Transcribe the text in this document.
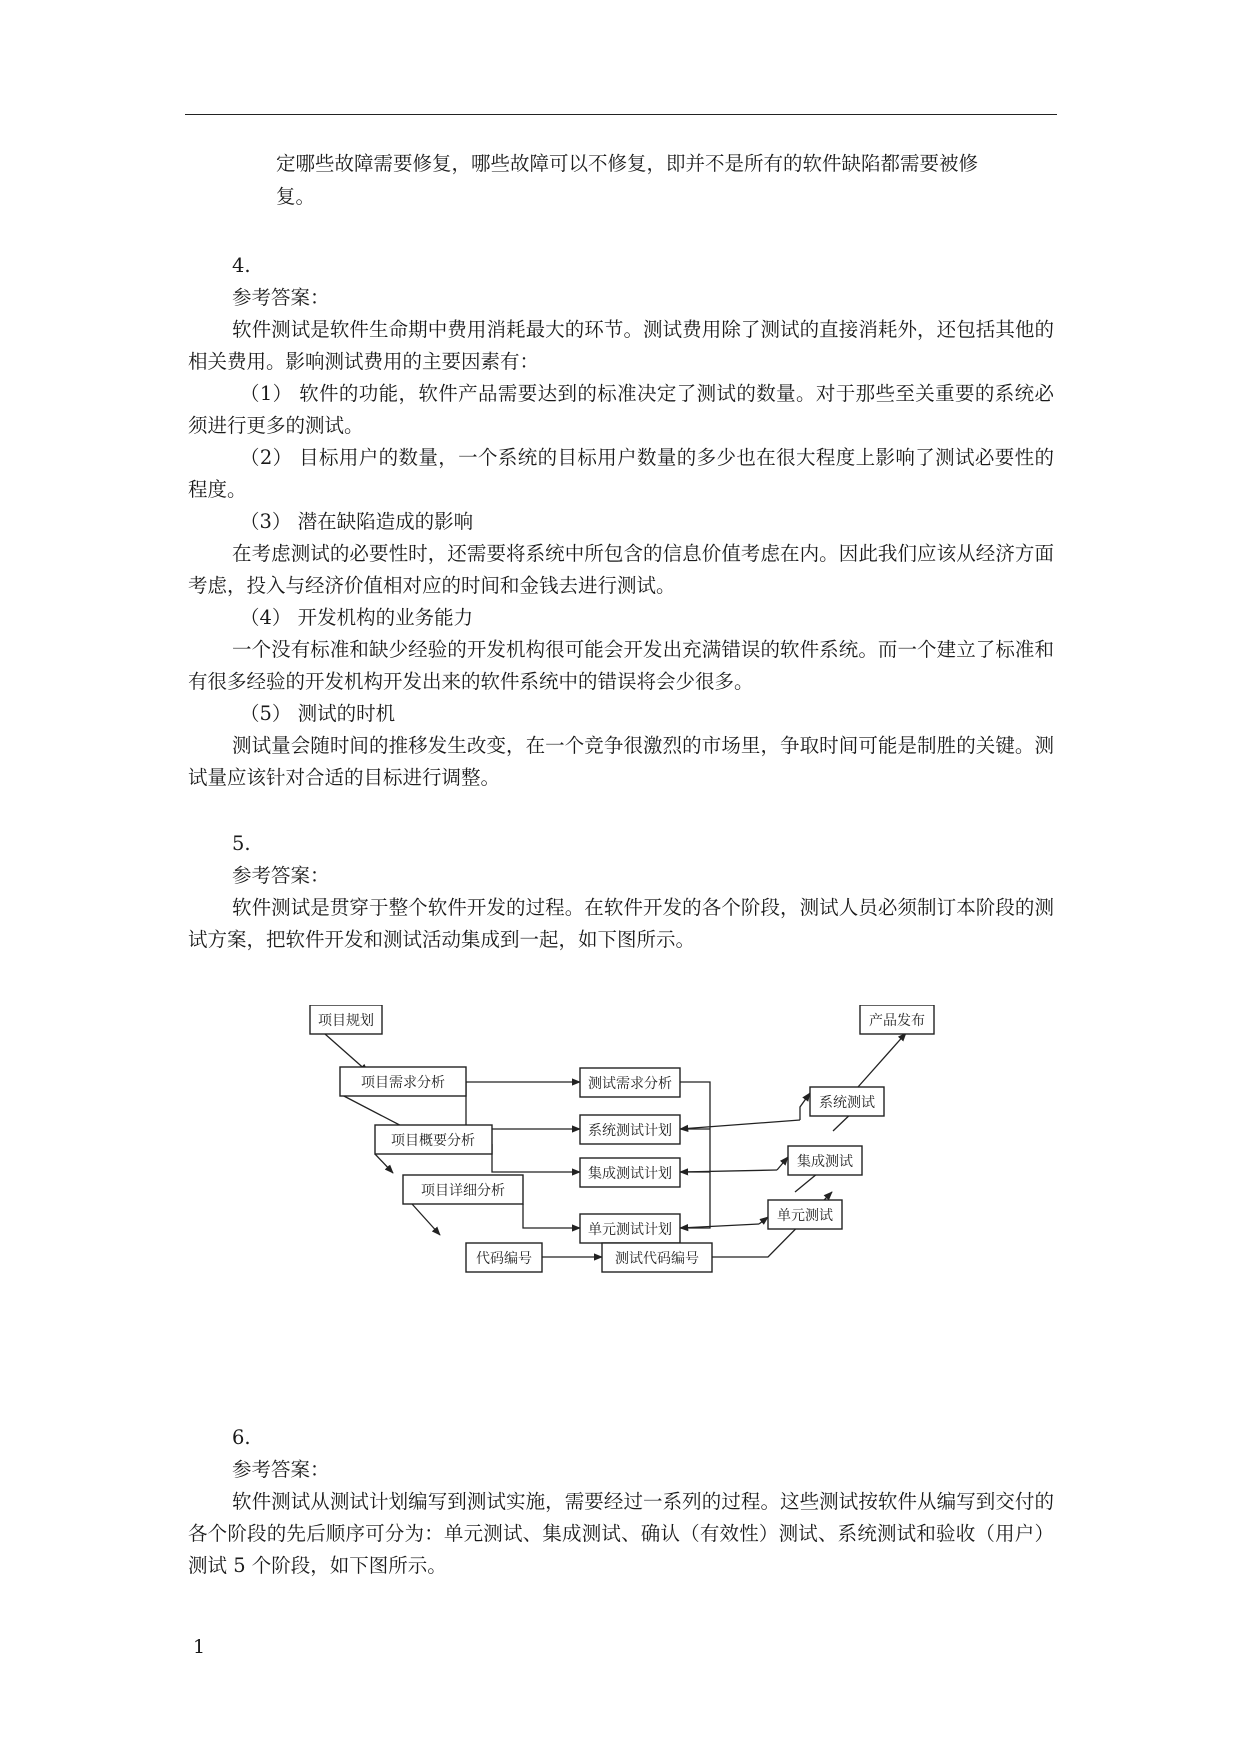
定哪些故障需要修复，哪些故障可以不修复，即并不是所有的软件缺陷都需要被修
复。
4.
参考答案：
软件测试是软件生命期中费用消耗最大的环节。测试费用除了测试的直接消耗外，还包括其他的相关费用。影响测试费用的主要因素有：
（1） 软件的功能，软件产品需要达到的标准决定了测试的数量。对于那些至关重要的系统必须进行更多的测试。
（2） 目标用户的数量，一个系统的目标用户数量的多少也在很大程度上影响了测试必要性的程度。
（3） 潜在缺陷造成的影响
在考虑测试的必要性时，还需要将系统中所包含的信息价值考虑在内。因此我们应该从经济方面考虑，投入与经济价值相对应的时间和金钱去进行测试。
（4） 开发机构的业务能力
一个没有标准和缺少经验的开发机构很可能会开发出充满错误的软件系统。而一个建立了标准和有很多经验的开发机构开发出来的软件系统中的错误将会少很多。
（5） 测试的时机
测试量会随时间的推移发生改变，在一个竞争很激烈的市场里，争取时间可能是制胜的关键。测试量应该针对合适的目标进行调整。
5.
参考答案：
软件测试是贯穿于整个软件开发的过程。在软件开发的各个阶段，测试人员必须制订本阶段的测试方案，把软件开发和测试活动集成到一起，如下图所示。
项目规划
项目需求分析
项目概要分析
项目详细分析
代码编号
测试需求分析
系统测试计划
集成测试计划
单元测试计划
测试代码编号
单元测试
集成测试
系统测试
产品发布
6.
参考答案：
软件测试从测试计划编写到测试实施，需要经过一系列的过程。这些测试按软件从编写到交付的各个阶段的先后顺序可分为：单元测试、集成测试、确认（有效性）测试、系统测试和验收（用户）测试 5 个阶段，如下图所示。
1
